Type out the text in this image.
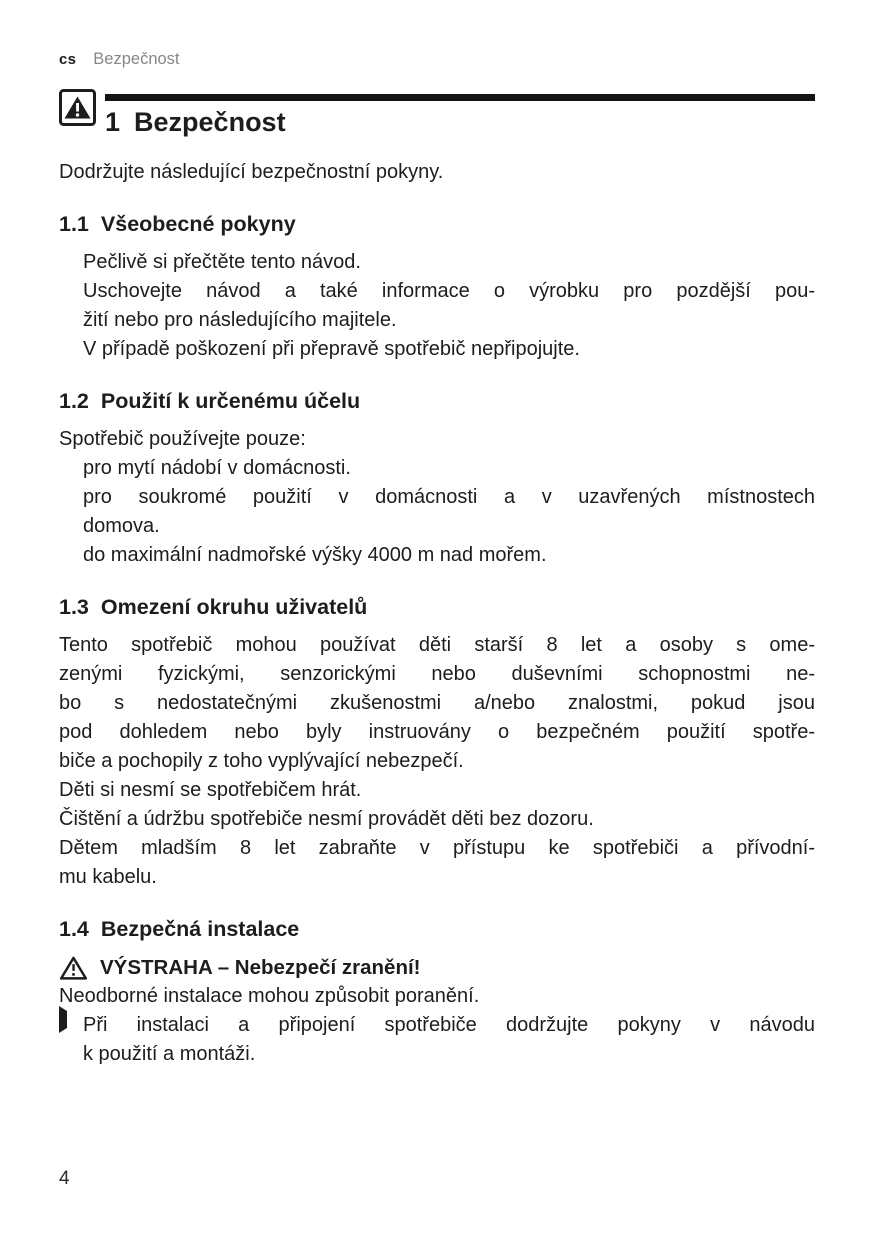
cs Bezpečnost
1 Bezpečnost

Dodržujte následující bezpečnostní pokyny.

1.1 Všeobecné pokyny
Pečlivě si přečtěte tento návod.
Uschovejte návod a také informace o výrobku pro pozdější pou-
žití nebo pro následujícího majitele.
V případě poškození při přepravě spotřebič nepřipojujte.
1.2 Použití k určenému účelu

Spotřebič používejte pouze:

pro mytí nádobí v domácnosti.
pro soukromé použití v domácnosti a v uzavřených místnostech
domova.
do maximální nadmořské výšky 4000 m nad mořem.
1.3 Omezení okruhu uživatelů
Tento spotřebič mohou používat děti starší 8 let a osoby s ome-
zenými fyzickými, senzorickými nebo duševními schopnostmi ne-
bo s nedostatečnými zkušenostmi a/nebo znalostmi, pokud jsou
pod dohledem nebo byly instruovány o bezpečném použití spotře-
biče a pochopily z toho vyplývající nebezpečí.
Děti si nesmí se spotřebičem hrát.
Čištění a údržbu spotřebiče nesmí provádět děti bez dozoru.
Dětem mladším 8 let zabraňte v přístupu ke spotřebiči a přívodní-
mu kabelu.
1.4 Bezpečná instalace
VÝSTRAHA – Nebezpečí zranění!

Neodborné instalace mohou způsobit poranění.

Při instalaci a připojení spotřebiče dodržujte pokyny v návodu
k použití a montáži.
4
